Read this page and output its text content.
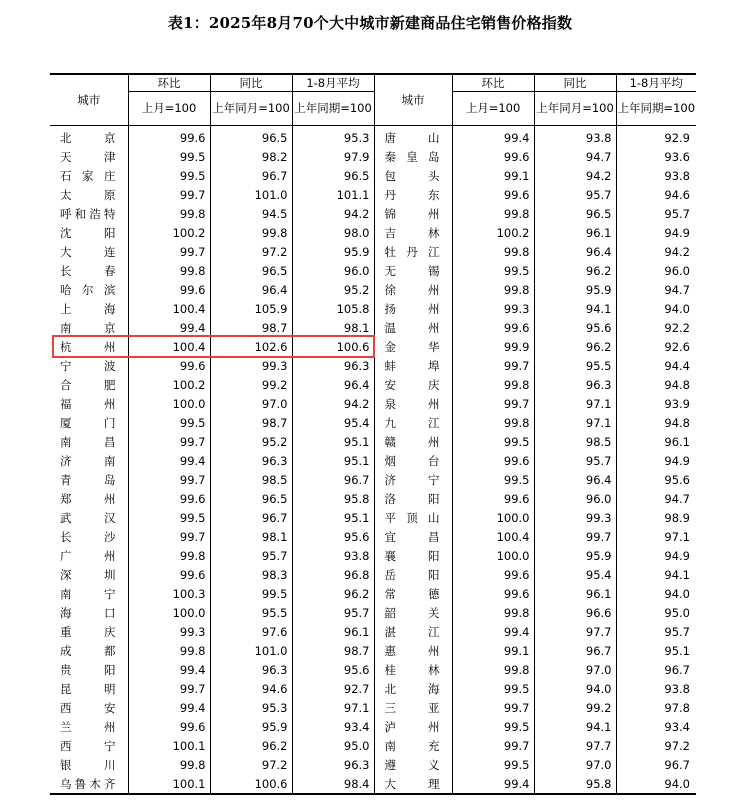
表1：2025年8月70个大中城市新建商品住宅销售价格指数
城市	环比	同比	1-8月平均	城市	环比	同比	1-8月平均
	上月=100	上年同月=100	上年同期=100		上月=100	上年同月=100	上年同期=100
北　京	99.6	96.5	95.3	唐　山	99.4	93.8	92.9
天　津	99.5	98.2	97.9	秦皇岛	99.6	94.7	93.6
石家庄	99.5	96.7	96.5	包　头	99.1	94.2	93.8
太　原	99.7	101.0	101.1	丹　东	99.6	95.7	94.6
呼和浩特	99.8	94.5	94.2	锦　州	99.8	96.5	95.7
沈　阳	100.2	99.8	98.0	吉　林	100.2	96.1	94.9
大　连	99.7	97.2	95.9	牡丹江	99.8	96.4	94.2
长　春	99.8	96.5	96.0	无　锡	99.5	96.2	96.0
哈尔滨	99.6	96.4	95.2	徐　州	99.8	95.9	94.7
上　海	100.4	105.9	105.8	扬　州	99.3	94.1	94.0
南　京	99.4	98.7	98.1	温　州	99.6	95.6	92.2
杭　州	100.4	102.6	100.6	金　华	99.9	96.2	92.6
宁　波	99.6	99.3	96.3	蚌　埠	99.7	95.5	94.4
合　肥	100.2	99.2	96.4	安　庆	99.8	96.3	94.8
福　州	100.0	97.0	94.2	泉　州	99.7	97.1	93.9
厦　门	99.5	98.7	95.4	九　江	99.8	97.1	94.8
南　昌	99.7	95.2	95.1	赣　州	99.5	98.5	96.1
济　南	99.4	96.3	95.1	烟　台	99.6	95.7	94.9
青　岛	99.7	98.5	96.7	济　宁	99.5	96.4	95.6
郑　州	99.6	96.5	95.8	洛　阳	99.6	96.0	94.7
武　汉	99.5	96.7	95.1	平顶山	100.0	99.3	98.9
长　沙	99.7	98.1	95.6	宜　昌	100.4	99.7	97.1
广　州	99.8	95.7	93.8	襄　阳	100.0	95.9	94.9
深　圳	99.6	98.3	96.8	岳　阳	99.6	95.4	94.1
南　宁	100.3	99.5	96.2	常　德	99.6	96.1	94.0
海　口	100.0	95.5	95.7	韶　关	99.8	96.6	95.0
重　庆	99.3	97.6	96.1	湛　江	99.4	97.7	95.7
成　都	99.8	101.0	98.7	惠　州	99.1	96.7	95.1
贵　阳	99.4	96.3	95.6	桂　林	99.8	97.0	96.7
昆　明	99.7	94.6	92.7	北　海	99.5	94.0	93.8
西　安	99.4	95.3	97.1	三　亚	99.7	99.2	97.8
兰　州	99.6	95.9	93.4	泸　州	99.5	94.1	93.4
西　宁	100.1	96.2	95.0	南　充	99.7	97.7	97.2
银　川	99.8	97.2	96.3	遵　义	99.5	97.0	96.7
乌鲁木齐	100.1	100.6	98.4	大　理	99.4	95.8	94.0
